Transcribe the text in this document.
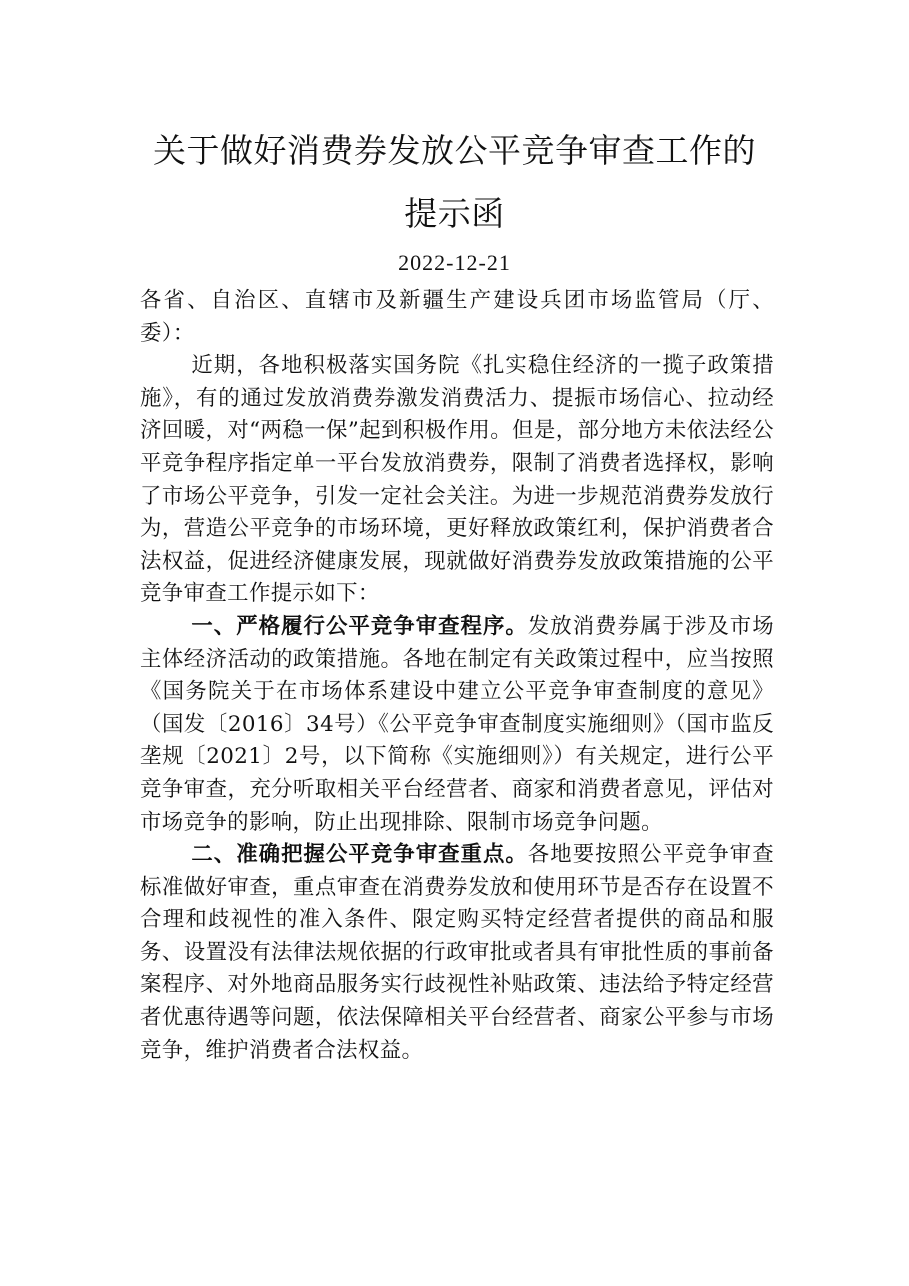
关于做好消费券发放公平竞争审查工作的
提示函
2022-12-21

各省、自治区、直辖市及新疆生产建设兵团市场监管局（厅、委）：

近期，各地积极落实国务院《扎实稳住经济的一揽子政策措施》，有的通过发放消费券激发消费活力、提振市场信心、拉动经济回暖，对“两稳一保”起到积极作用。但是，部分地方未依法经公平竞争程序指定单一平台发放消费券，限制了消费者选择权，影响了市场公平竞争，引发一定社会关注。为进一步规范消费券发放行为，营造公平竞争的市场环境，更好释放政策红利，保护消费者合法权益，促进经济健康发展，现就做好消费券发放政策措施的公平竞争审查工作提示如下：

一、严格履行公平竞争审查程序。发放消费券属于涉及市场主体经济活动的政策措施。各地在制定有关政策过程中，应当按照《国务院关于在市场体系建设中建立公平竞争审查制度的意见》（国发〔2016〕34号）《公平竞争审查制度实施细则》（国市监反垄规〔2021〕2号，以下简称《实施细则》）有关规定，进行公平竞争审查，充分听取相关平台经营者、商家和消费者意见，评估对市场竞争的影响，防止出现排除、限制市场竞争问题。

二、准确把握公平竞争审查重点。各地要按照公平竞争审查标准做好审查，重点审查在消费券发放和使用环节是否存在设置不合理和歧视性的准入条件、限定购买特定经营者提供的商品和服务、设置没有法律法规依据的行政审批或者具有审批性质的事前备案程序、对外地商品服务实行歧视性补贴政策、违法给予特定经营者优惠待遇等问题，依法保障相关平台经营者、商家公平参与市场竞争，维护消费者合法权益。
